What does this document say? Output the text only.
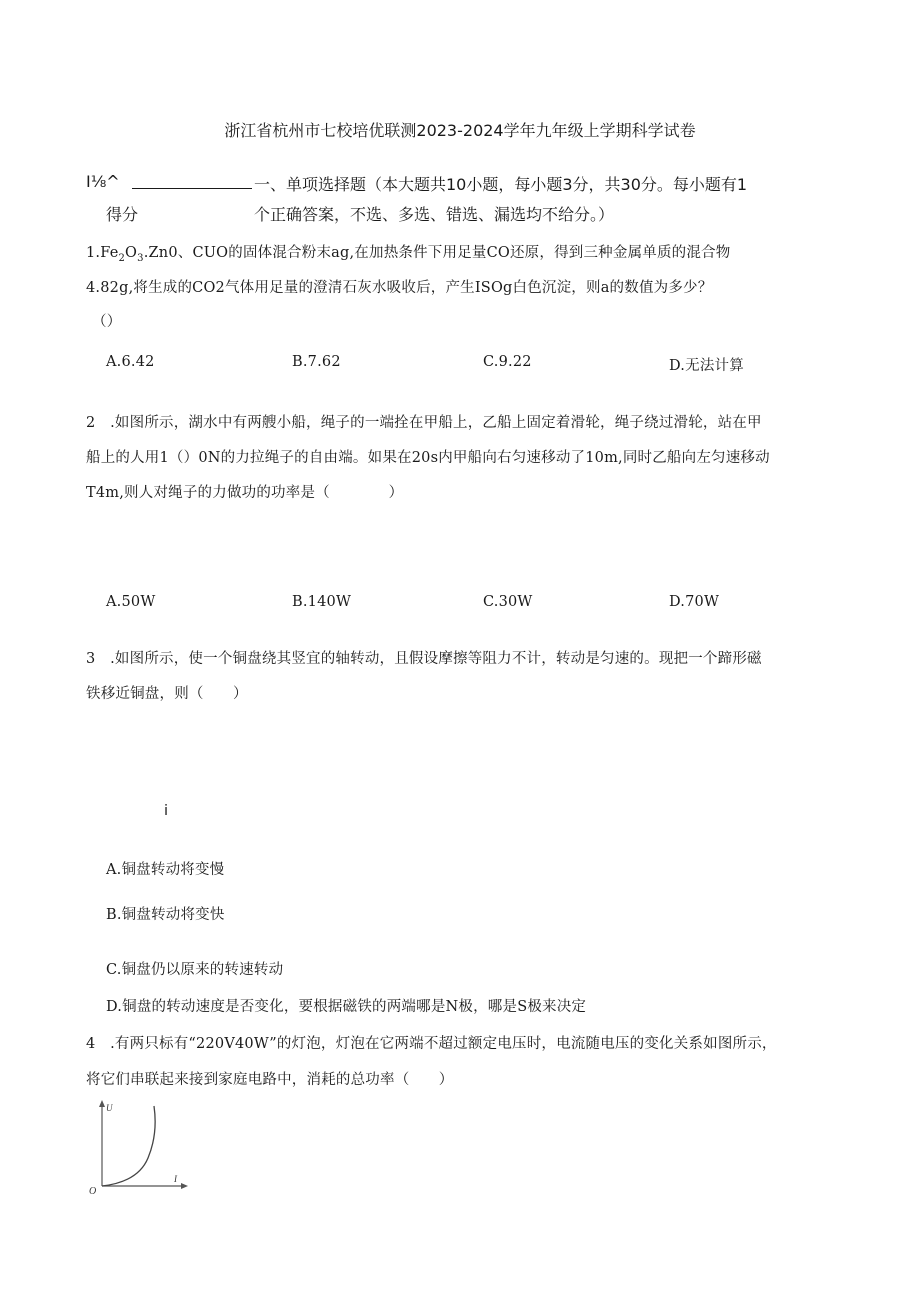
浙江省杭州市七校培优联测2023-2024学年九年级上学期科学试卷
I⅛^	一、单项选择题（本大题共10小题，每小题3分，共30分。每小题有1
得分	个正确答案，不选、多选、错选、漏选均不给分。）
$1.Fe_2O_3.Zn0$、CUO的固体混合粉末ag,在加热条件下用足量CO还原，得到三种金属单质的混合物
4.82g,将生成的CO2气体用足量的澄清石灰水吸收后，产生ISOg白色沉淀，则a的数值为多少？
（）
A.6.42	B.7.62	C.9.22	D.无法计算
2　.如图所示，湖水中有两艘小船，绳子的一端拴在甲船上，乙船上固定着滑轮，绳子绕过滑轮，站在甲
船上的人用1（）0N的力拉绳子的自由端。如果在20s内甲船向右匀速移动了10m,同时乙船向左匀速移动
T4m,则人对绳子的力做功的功率是（　　　　）
A.50W	B.140W	C.30W	D.70W
3　.如图所示，使一个铜盘绕其竖宜的轴转动，且假设摩擦等阻力不计，转动是匀速的。现把一个蹄形磁
铁移近铜盘，则（　　）
i
A.铜盘转动将变慢
B.铜盘转动将变快
C.铜盘仍以原来的转速转动
D.铜盘的转动速度是否变化，要根据磁铁的两端哪是N极，哪是S极来决定
4　.有两只标有“220V40W”的灯泡，灯泡在它两端不超过额定电压时，电流随电压的变化关系如图所示，
将它们串联起来接到家庭电路中，消耗的总功率（　　）
U
I
O
